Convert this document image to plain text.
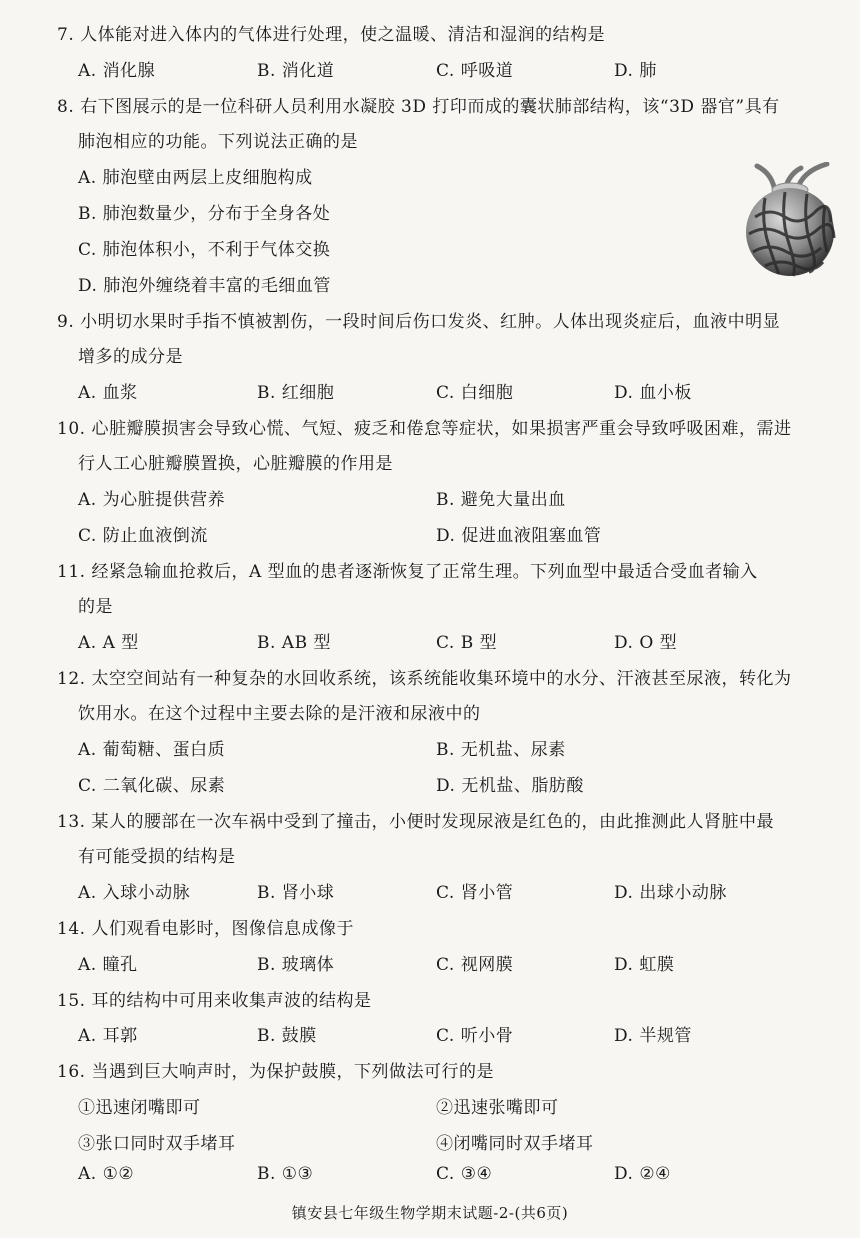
7. 人体能对进入体内的气体进行处理，使之温暖、清洁和湿润的结构是
A. 消化腺	B. 消化道	C. 呼吸道	D. 肺
8. 右下图展示的是一位科研人员利用水凝胶 3D 打印而成的囊状肺部结构，该“3D 器官”具有
肺泡相应的功能。下列说法正确的是
A. 肺泡壁由两层上皮细胞构成
B. 肺泡数量少，分布于全身各处
C. 肺泡体积小，不利于气体交换
D. 肺泡外缠绕着丰富的毛细血管
9. 小明切水果时手指不慎被割伤，一段时间后伤口发炎、红肿。人体出现炎症后，血液中明显
增多的成分是
A. 血浆	B. 红细胞	C. 白细胞	D. 血小板
10. 心脏瓣膜损害会导致心慌、气短、疲乏和倦怠等症状，如果损害严重会导致呼吸困难，需进
行人工心脏瓣膜置换，心脏瓣膜的作用是
A. 为心脏提供营养	B. 避免大量出血
C. 防止血液倒流	D. 促进血液阻塞血管
11. 经紧急输血抢救后，A 型血的患者逐渐恢复了正常生理。下列血型中最适合受血者输入
的是
A. A 型	B. AB 型	C. B 型	D. O 型
12. 太空空间站有一种复杂的水回收系统，该系统能收集环境中的水分、汗液甚至尿液，转化为
饮用水。在这个过程中主要去除的是汗液和尿液中的
A. 葡萄糖、蛋白质	B. 无机盐、尿素
C. 二氧化碳、尿素	D. 无机盐、脂肪酸
13. 某人的腰部在一次车祸中受到了撞击，小便时发现尿液是红色的，由此推测此人肾脏中最
有可能受损的结构是
A. 入球小动脉	B. 肾小球	C. 肾小管	D. 出球小动脉
14. 人们观看电影时，图像信息成像于
A. 瞳孔	B. 玻璃体	C. 视网膜	D. 虹膜
15. 耳的结构中可用来收集声波的结构是
A. 耳郭	B. 鼓膜	C. 听小骨	D. 半规管
16. 当遇到巨大响声时，为保护鼓膜，下列做法可行的是
①迅速闭嘴即可	②迅速张嘴即可
③张口同时双手堵耳	④闭嘴同时双手堵耳
A. ①②	B. ①③	C. ③④	D. ②④
镇安县七年级生物学期末试题-2-(共6页)
